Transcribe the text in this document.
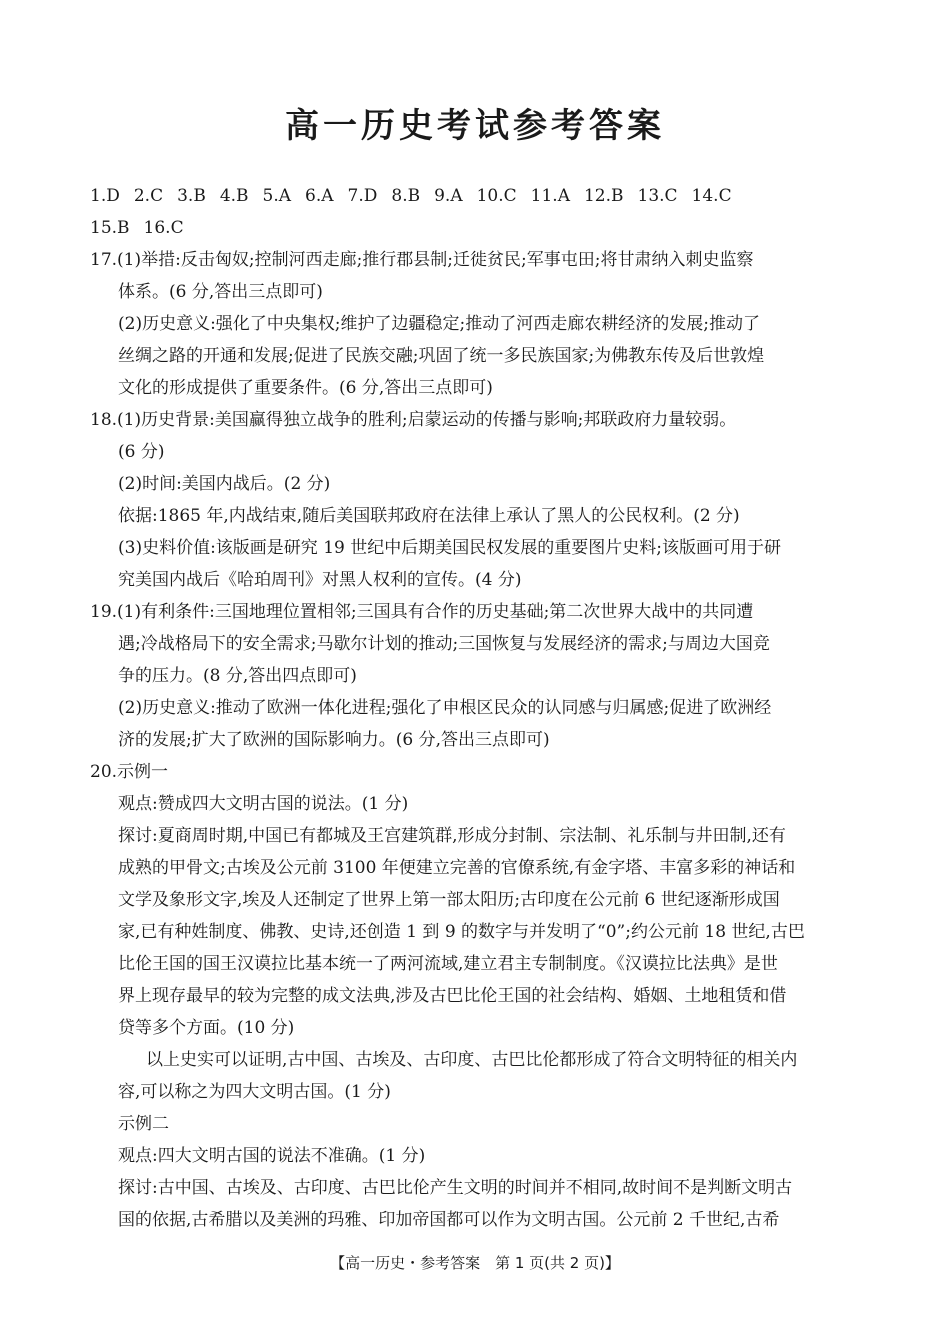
高一历史考试参考答案
1.D 2.C 3.B 4.B 5.A 6.A 7.D 8.B 9.A 10.C 11.A 12.B 13.C 14.C
15.B 16.C
17.(1)举措:反击匈奴;控制河西走廊;推行郡县制;迁徙贫民;军事屯田;将甘肃纳入刺史监察
体系。(6 分,答出三点即可)
(2)历史意义:强化了中央集权;维护了边疆稳定;推动了河西走廊农耕经济的发展;推动了
丝绸之路的开通和发展;促进了民族交融;巩固了统一多民族国家;为佛教东传及后世敦煌
文化的形成提供了重要条件。(6 分,答出三点即可)
18.(1)历史背景:美国赢得独立战争的胜利;启蒙运动的传播与影响;邦联政府力量较弱。
(6 分)
(2)时间:美国内战后。(2 分)
依据:1865 年,内战结束,随后美国联邦政府在法律上承认了黑人的公民权利。(2 分)
(3)史料价值:该版画是研究 19 世纪中后期美国民权发展的重要图片史料;该版画可用于研
究美国内战后《哈珀周刊》对黑人权利的宣传。(4 分)
19.(1)有利条件:三国地理位置相邻;三国具有合作的历史基础;第二次世界大战中的共同遭
遇;冷战格局下的安全需求;马歇尔计划的推动;三国恢复与发展经济的需求;与周边大国竞
争的压力。(8 分,答出四点即可)
(2)历史意义:推动了欧洲一体化进程;强化了申根区民众的认同感与归属感;促进了欧洲经
济的发展;扩大了欧洲的国际影响力。(6 分,答出三点即可)
20.示例一
观点:赞成四大文明古国的说法。(1 分)
探讨:夏商周时期,中国已有都城及王宫建筑群,形成分封制、宗法制、礼乐制与井田制,还有
成熟的甲骨文;古埃及公元前 3100 年便建立完善的官僚系统,有金字塔、丰富多彩的神话和
文学及象形文字,埃及人还制定了世界上第一部太阳历;古印度在公元前 6 世纪逐渐形成国
家,已有种姓制度、佛教、史诗,还创造 1 到 9 的数字与并发明了“0”;约公元前 18 世纪,古巴
比伦王国的国王汉谟拉比基本统一了两河流域,建立君主专制制度。《汉谟拉比法典》是世
界上现存最早的较为完整的成文法典,涉及古巴比伦王国的社会结构、婚姻、土地租赁和借
贷等多个方面。(10 分)
以上史实可以证明,古中国、古埃及、古印度、古巴比伦都形成了符合文明特征的相关内
容,可以称之为四大文明古国。(1 分)
示例二
观点:四大文明古国的说法不准确。(1 分)
探讨:古中国、古埃及、古印度、古巴比伦产生文明的时间并不相同,故时间不是判断文明古
国的依据,古希腊以及美洲的玛雅、印加帝国都可以作为文明古国。公元前 2 千世纪,古希
【高一历史・参考答案　第 1 页(共 2 页)】
